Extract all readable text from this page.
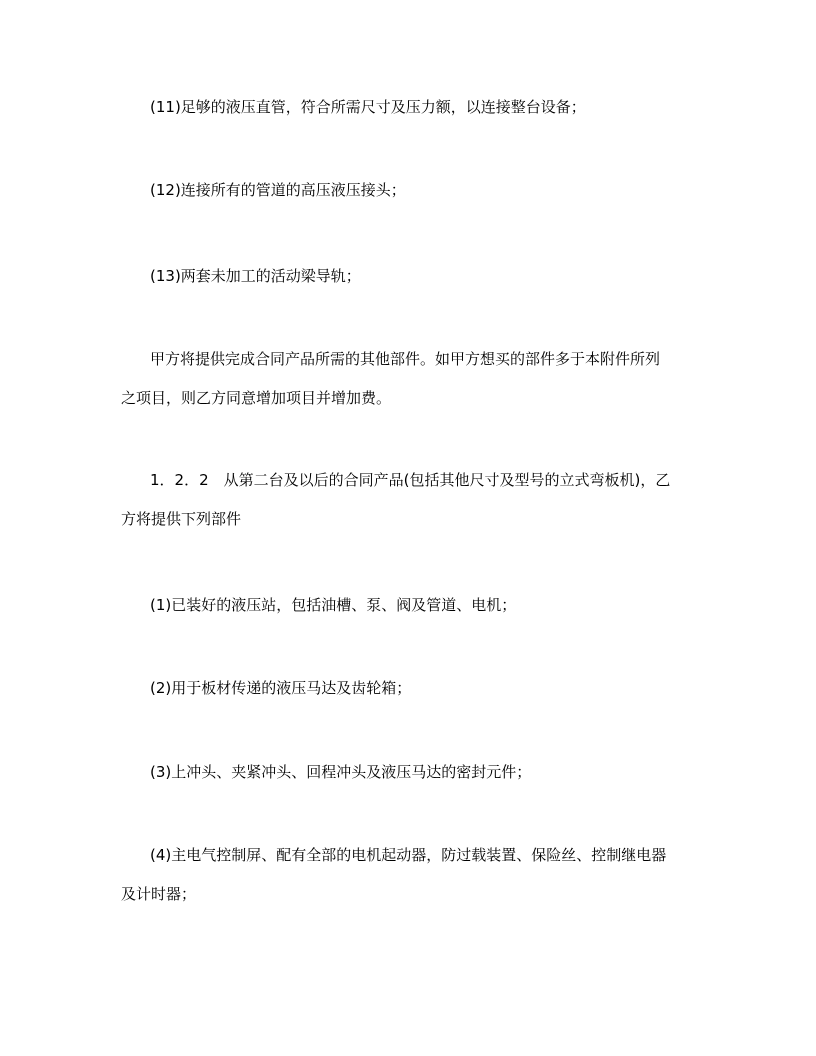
(11)足够的液压直管，符合所需尺寸及压力额，以连接整台设备；

(12)连接所有的管道的高压液压接头；

(13)两套未加工的活动梁导轨；

甲方将提供完成合同产品所需的其他部件。如甲方想买的部件多于本附件所列
之项目，则乙方同意增加项目并增加费。

1．2．2　从第二台及以后的合同产品(包括其他尺寸及型号的立式弯板机)，乙
方将提供下列部件

(1)已装好的液压站，包括油槽、泵、阀及管道、电机；

(2)用于板材传递的液压马达及齿轮箱；

(3)上冲头、夹紧冲头、回程冲头及液压马达的密封元件；

(4)主电气控制屏、配有全部的电机起动器，防过载装置、保险丝、控制继电器
及计时器；
